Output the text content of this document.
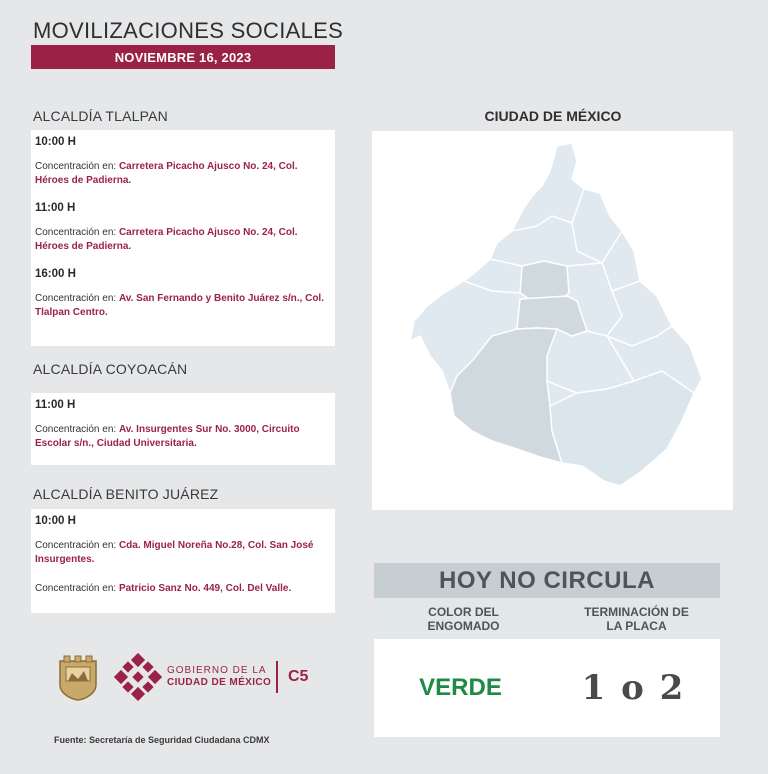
MOVILIZACIONES SOCIALES
NOVIEMBRE 16, 2023
ALCALDÍA TLALPAN
10:00 H
Concentración en: Carretera Picacho Ajusco No. 24, Col. Héroes de Padierna.
11:00 H
Concentración en: Carretera Picacho Ajusco No. 24, Col. Héroes de Padierna.
16:00 H
Concentración en: Av. San Fernando y Benito Juárez s/n., Col. Tlalpan Centro.
ALCALDÍA COYOACÁN
11:00 H
Concentración en: Av. Insurgentes Sur No. 3000, Circuito Escolar s/n., Ciudad Universitaria.
ALCALDÍA BENITO JUÁREZ
10:00 H
Concentración en: Cda. Miguel Noreña No.28, Col. San José Insurgentes.
Concentración en: Patricio Sanz No. 449, Col. Del Valle.
CIUDAD DE MÉXICO
HOY NO CIRCULA
COLOR DEL ENGOMADO
TERMINACIÓN DE LA PLACA
VERDE	1 o 2
GOBIERNO DE LA
CIUDAD DE MÉXICO	C5
Fuente: Secretaría de Seguridad Ciudadana CDMX
